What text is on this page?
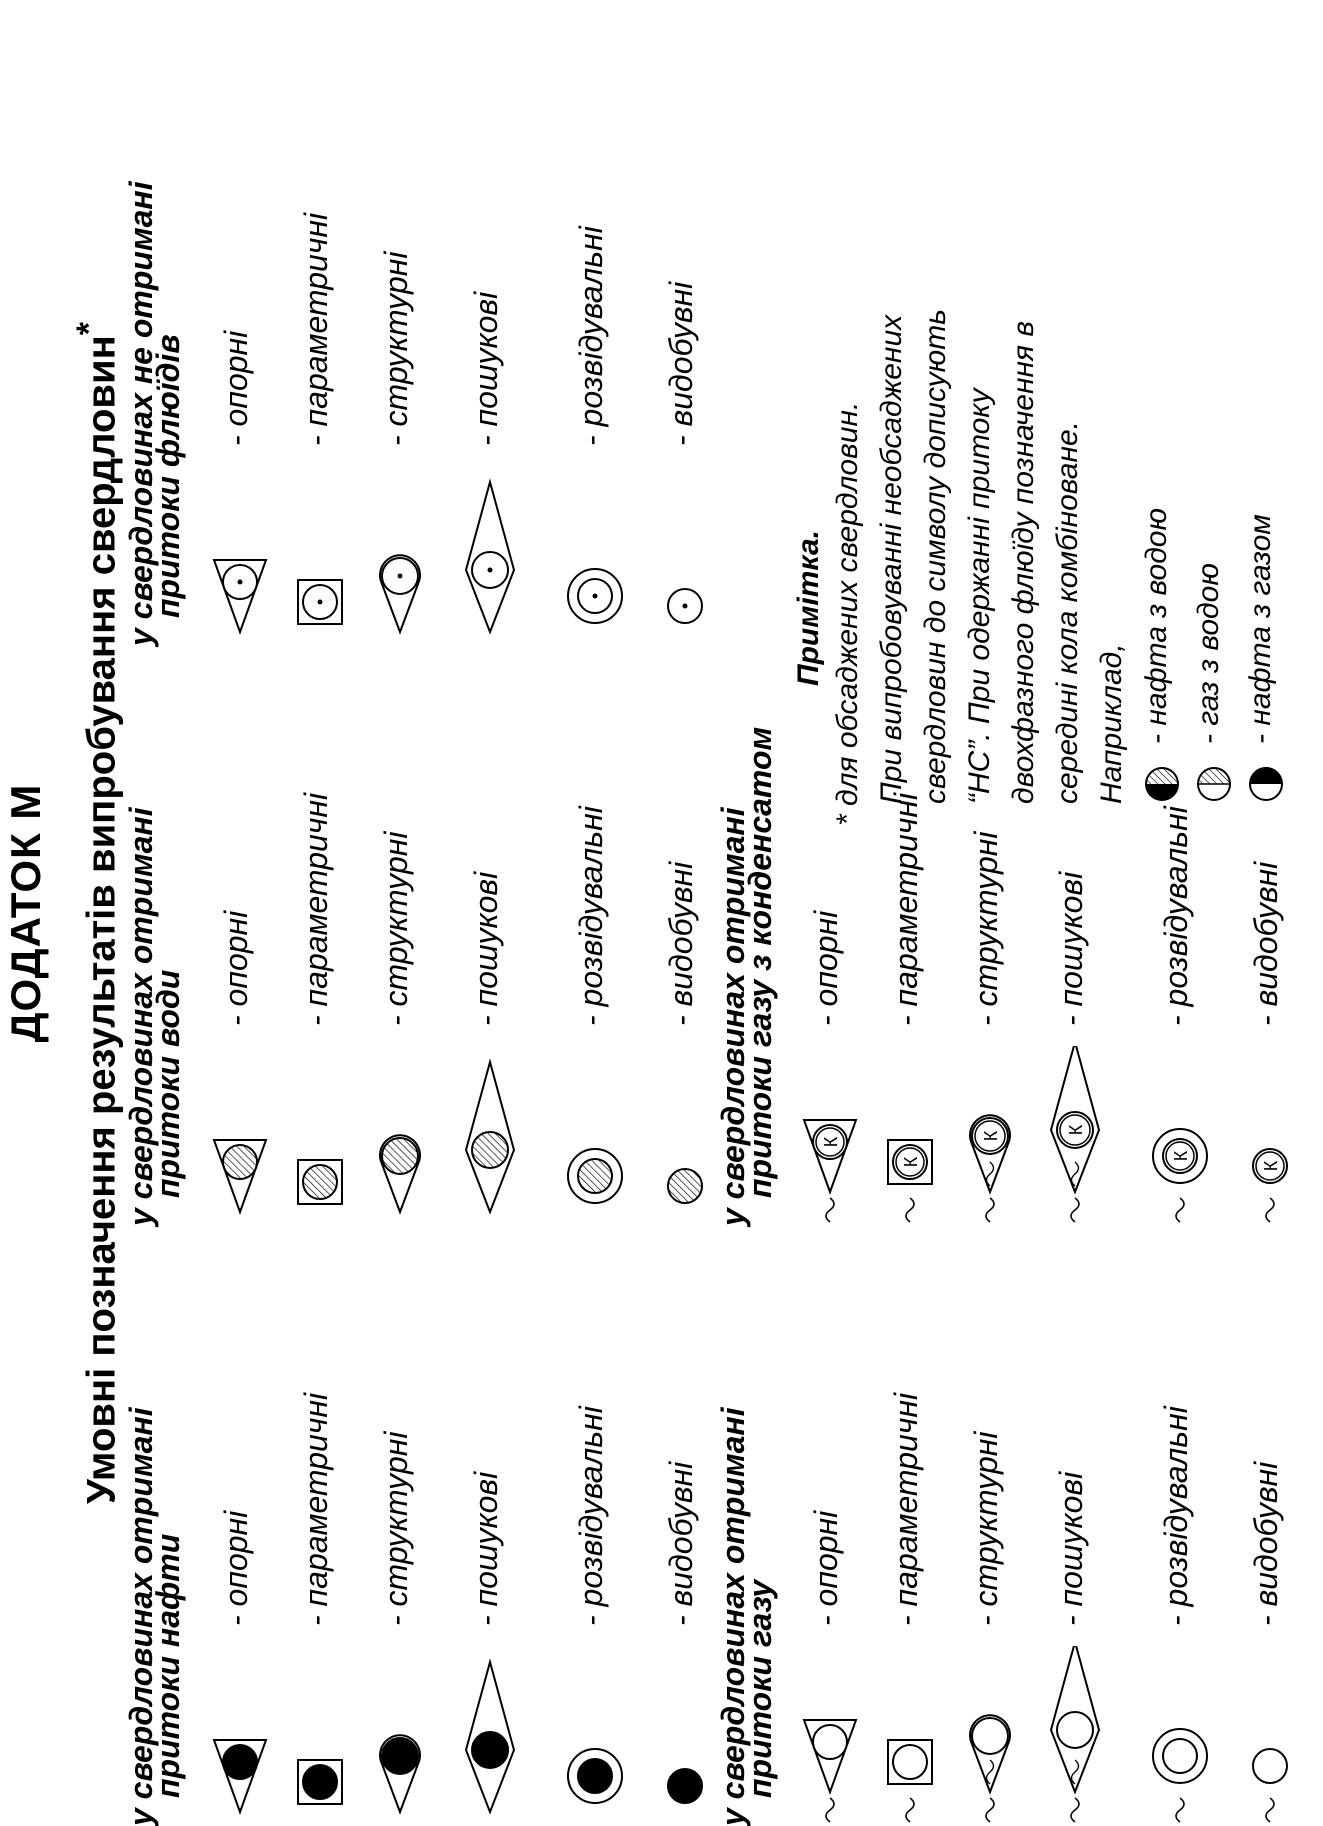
ДОДАТОК М Умовні позначення результатів випробування свердловин*
у свердловинах отримані
притоки нафти
у свердловинах отримані
притоки води
у свердловинах не отримані
притоки флюїдів
у свердловинах отримані
притоки газу
у свердловинах отримані
притоки газу з конденсатом
Примітка. * для обсаджених свердловин. При випробовуванні необсаджених свердловин до символу дописують “НС”. При одержанні притоку двохфазного флюїду позначення в середині кола комбіноване. Наприклад, - нафта з водою - газ з водою - нафта з газом
- опорні - параметричні - структурні - пошукові - розвідувальні - видобувні
- опорні - параметричні - структурні - пошукові - розвідувальні - видобувні
- опорні - параметричні - структурні - пошукові - розвідувальні - видобувні
- опорні - параметричні - структурні - пошукові - розвідувальні - видобувні
К
- опорні
К
- параметричні
К
- структурні
К
- пошукові
К
- розвідувальні
К
- видобувні
